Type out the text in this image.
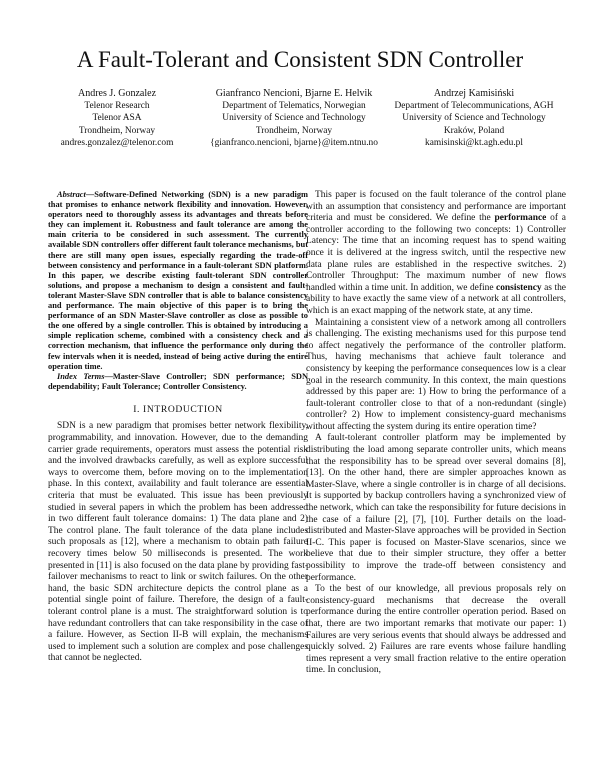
A Fault-Tolerant and Consistent SDN Controller
Andres J. Gonzalez
Telenor Research
Telenor ASA
Trondheim, Norway
andres.gonzalez@telenor.com
Gianfranco Nencioni, Bjarne E. Helvik
Department of Telematics, Norwegian
University of Science and Technology
Trondheim, Norway
{gianfranco.nencioni, bjarne}@item.ntnu.no
Andrzej Kamisiński
Department of Telecommunications, AGH
University of Science and Technology
Kraków, Poland
kamisinski@kt.agh.edu.pl

Abstract—Software-Defined Networking (SDN) is a new paradigm that promises to enhance network flexibility and innovation. However, operators need to thoroughly assess its advantages and threats before they can implement it. Robustness and fault tolerance are among the main criteria to be considered in such assessment. The currently available SDN controllers offer different fault tolerance mechanisms, but there are still many open issues, especially regarding the trade-off between consistency and performance in a fault-tolerant SDN platform. In this paper, we describe existing fault-tolerant SDN controller solutions, and propose a mechanism to design a consistent and fault-tolerant Master-Slave SDN controller that is able to balance consistency and performance. The main objective of this paper is to bring the performance of an SDN Master-Slave controller as close as possible to the one offered by a single controller. This is obtained by introducing a simple replication scheme, combined with a consistency check and a correction mechanism, that influence the performance only during the few intervals when it is needed, instead of being active during the entire operation time.

Index Terms—Master-Slave Controller; SDN performance; SDN dependability; Fault Tolerance; Controller Consistency.

I. INTRODUCTION

SDN is a new paradigm that promises better network flexibility, programmability, and innovation. However, due to the demanding carrier grade requirements, operators must assess the potential risk and the involved drawbacks carefully, as well as explore successful ways to overcome them, before moving on to the implementation phase. In this context, availability and fault tolerance are essential criteria that must be evaluated. This issue has been previously studied in several papers in which the problem has been addressed in two different fault tolerance domains: 1) The data plane and 2) The control plane. The fault tolerance of the data plane includes such proposals as [12], where a mechanism to obtain path failure recovery times below 50 milliseconds is presented. The work presented in [11] is also focused on the data plane by providing fast-failover mechanisms to react to link or switch failures. On the other hand, the basic SDN architecture depicts the control plane as a potential single point of failure. Therefore, the design of a fault-tolerant control plane is a must. The straightforward solution is to have redundant controllers that can take responsibility in the case of a failure. However, as Section II-B will explain, the mechanisms used to implement such a solution are complex and pose challenges that cannot be neglected.

This paper is focused on the fault tolerance of the control plane with an assumption that consistency and performance are important criteria and must be considered. We define the performance of a controller according to the following two concepts: 1) Controller Latency: The time that an incoming request has to spend waiting once it is delivered at the ingress switch, until the respective new data plane rules are established in the respective switches. 2) Controller Throughput: The maximum number of new flows handled within a time unit. In addition, we define consistency as the ability to have exactly the same view of a network at all controllers, which is an exact mapping of the network state, at any time.

Maintaining a consistent view of a network among all controllers is challenging. The existing mechanisms used for this purpose tend to affect negatively the performance of the controller platform. Thus, having mechanisms that achieve fault tolerance and consistency by keeping the performance consequences low is a clear goal in the research community. In this context, the main questions addressed by this paper are: 1) How to bring the performance of a fault-tolerant controller close to that of a non-redundant (single) controller? 2) How to implement consistency-guard mechanisms without affecting the system during its entire operation time?

A fault-tolerant controller platform may be implemented by distributing the load among separate controller units, which means that the responsibility has to be spread over several domains [8], [13]. On the other hand, there are simpler approaches known as Master-Slave, where a single controller is in charge of all decisions. It is supported by backup controllers having a synchronized view of the network, which can take the responsibility for future decisions in the case of a failure [2], [7], [10]. Further details on the load-distributed and Master-Slave approaches will be provided in Section II-C. This paper is focused on Master-Slave scenarios, since we believe that due to their simpler structure, they offer a better possibility to improve the trade-off between consistency and performance.

To the best of our knowledge, all previous proposals rely on consistency-guard mechanisms that decrease the overall performance during the entire controller operation period. Based on that, there are two important remarks that motivate our paper: 1) Failures are very serious events that should always be addressed and quickly solved. 2) Failures are rare events whose failure handling times represent a very small fraction relative to the entire operation time. In conclusion,
